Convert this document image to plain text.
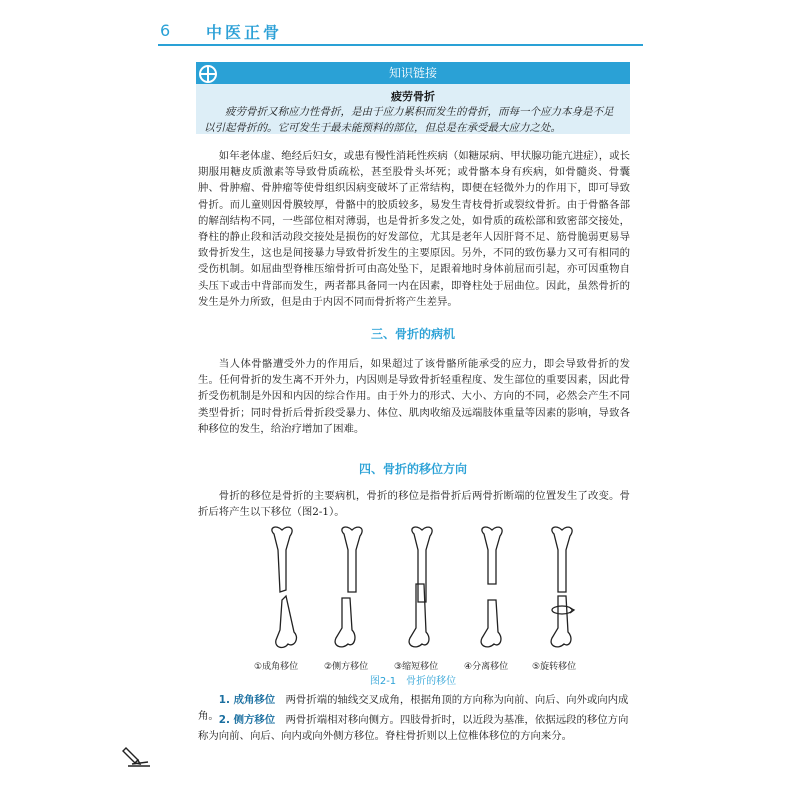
6 中医正骨
知识链接
疲劳骨折
疲劳骨折又称应力性骨折，是由于应力累积而发生的骨折，而每一个应力本身是不足以引起骨折的。它可发生于最未能预料的部位，但总是在承受最大应力之处。

如年老体虚、绝经后妇女，或患有慢性消耗性疾病（如糖尿病、甲状腺功能亢进症），或长期服用糖皮质激素等导致骨质疏松，甚至股骨头坏死；或骨骼本身有疾病，如骨髓炎、骨囊肿、骨肿瘤、骨肿瘤等使骨组织因病变破坏了正常结构，即便在轻微外力的作用下，即可导致骨折。而儿童则因骨膜较厚，骨骼中的胶质较多，易发生青枝骨折或裂纹骨折。由于骨骼各部的解剖结构不同，一些部位相对薄弱，也是骨折多发之处，如骨质的疏松部和致密部交接处，脊柱的静止段和活动段交接处是损伤的好发部位，尤其是老年人因肝肾不足、筋骨脆弱更易导致骨折发生，这也是间接暴力导致骨折发生的主要原因。另外，不同的致伤暴力又可有相同的受伤机制。如屈曲型脊椎压缩骨折可由高处坠下，足跟着地时身体前屈而引起，亦可因重物自头压下或击中背部而发生，两者都具备同一内在因素，即脊柱处于屈曲位。因此，虽然骨折的发生是外力所致，但是由于内因不同而骨折将产生差异。

三、骨折的病机

当人体骨骼遭受外力的作用后，如果超过了该骨骼所能承受的应力，即会导致骨折的发生。任何骨折的发生离不开外力，内因则是导致骨折轻重程度、发生部位的重要因素，因此骨折受伤机制是外因和内因的综合作用。由于外力的形式、大小、方向的不同，必然会产生不同类型骨折；同时骨折后骨折段受暴力、体位、肌肉收缩及远端肢体重量等因素的影响，导致各种移位的发生，给治疗增加了困难。

四、骨折的移位方向

骨折的移位是骨折的主要病机，骨折的移位是指骨折后两骨折断端的位置发生了改变。骨折后将产生以下移位（图2-1）。

①成角移位	②侧方移位	③缩短移位	④分离移位	⑤旋转移位
图2-1　骨折的移位

1. 成角移位　 两骨折端的轴线交叉成角，根据角顶的方向称为向前、向后、向外或向内成角。 2. 侧方移位　 两骨折端相对移向侧方。四肢骨折时，以近段为基准，依据远段的移位方向称为向前、向后、向内或向外侧方移位。脊柱骨折则以上位椎体移位的方向来分。
